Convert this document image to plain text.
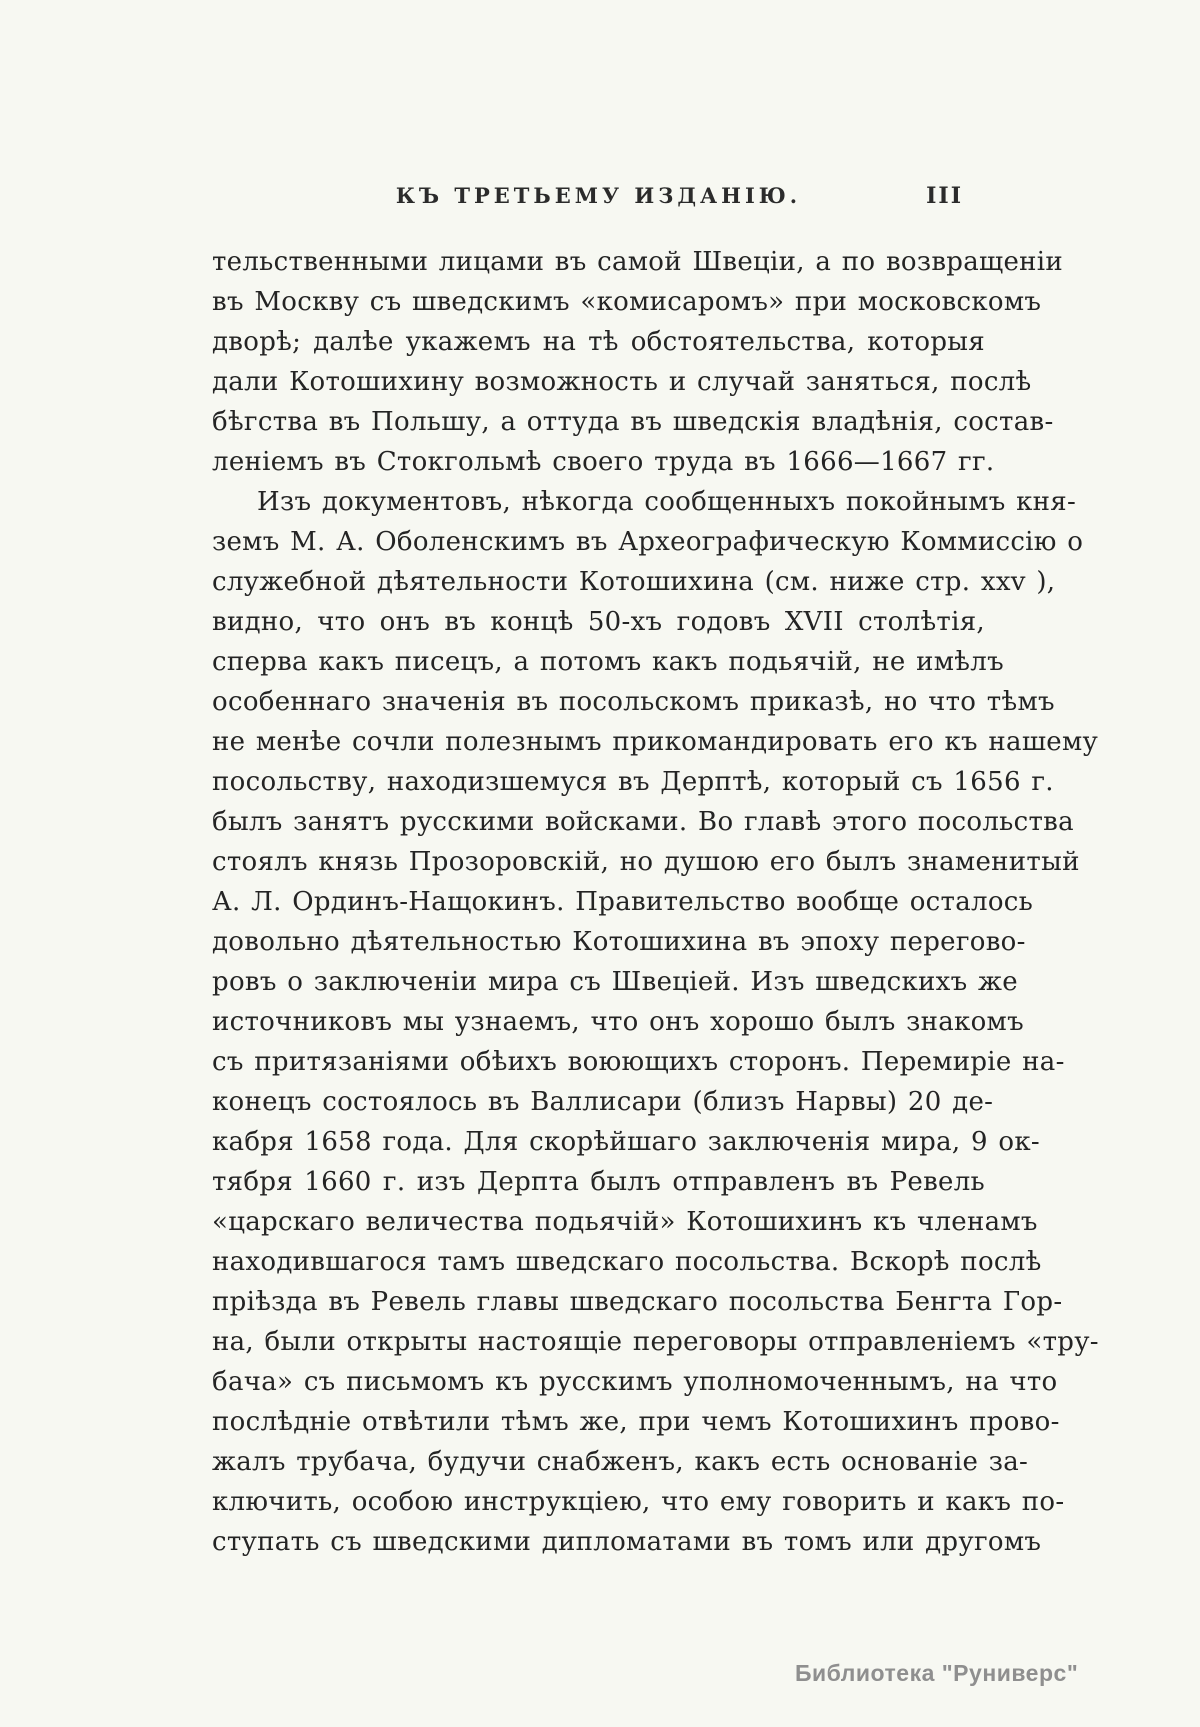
КЪ ТРЕТЬЕМУ ИЗДАНІЮ.	III
тельственными лицами въ самой Швеціи, а по возвращеніи
въ Москву съ шведскимъ «комисаромъ» при московскомъ
дворѣ; далѣе укажемъ на тѣ обстоятельства, которыя
дали Котошихину возможность и случай заняться, послѣ
бѣгства въ Польшу, а оттуда въ шведскія владѣнія, состав-
леніемъ въ Стокгольмѣ своего труда въ 1666—1667 гг.
Изъ документовъ, нѣкогда сообщенныхъ покойнымъ кня-
земъ М. А. Оболенскимъ въ Археографическую Коммиссію о
служебной дѣятельности Котошихина (см. ниже стр. xxv ),
видно, что онъ въ концѣ 50-хъ годовъ XVII столѣтія,
сперва какъ писецъ, а потомъ какъ подьячій, не имѣлъ
особеннаго значенія въ посольскомъ приказѣ, но что тѣмъ
не менѣе сочли полезнымъ прикомандировать его къ нашему
посольству, находизшемуся въ Дерптѣ, который съ 1656 г.
былъ занятъ русскими войсками. Во главѣ этого посольства
стоялъ князь Прозоровскій, но душою его былъ знаменитый
А. Л. Ординъ-Нащокинъ. Правительство вообще осталось
довольно дѣятельностью Котошихина въ эпоху перегово-
ровъ о заключеніи мира съ Швеціей. Изъ шведскихъ же
источниковъ мы узнаемъ, что онъ хорошо былъ знакомъ
съ притязаніями обѣихъ воюющихъ сторонъ. Перемиріе на-
конецъ состоялось въ Валлисари (близъ Нарвы) 20 де-
кабря 1658 года. Для скорѣйшаго заключенія мира, 9 ок-
тября 1660 г. изъ Дерпта былъ отправленъ въ Ревель
«царскаго величества подьячій» Котошихинъ къ членамъ
находившагося тамъ шведскаго посольства. Вскорѣ послѣ
пріѣзда въ Ревель главы шведскаго посольства Бенгта Гор-
на, были открыты настоящіе переговоры отправленіемъ «тру-
бача» съ письмомъ къ русскимъ уполномоченнымъ, на что
послѣдніе отвѣтили тѣмъ же, при чемъ Котошихинъ прово-
жалъ трубача, будучи снабженъ, какъ есть основаніе за-
ключить, особою инструкціею, что ему говорить и какъ по-
ступать съ шведскими дипломатами въ томъ или другомъ
Библиотека "Руниверс"
